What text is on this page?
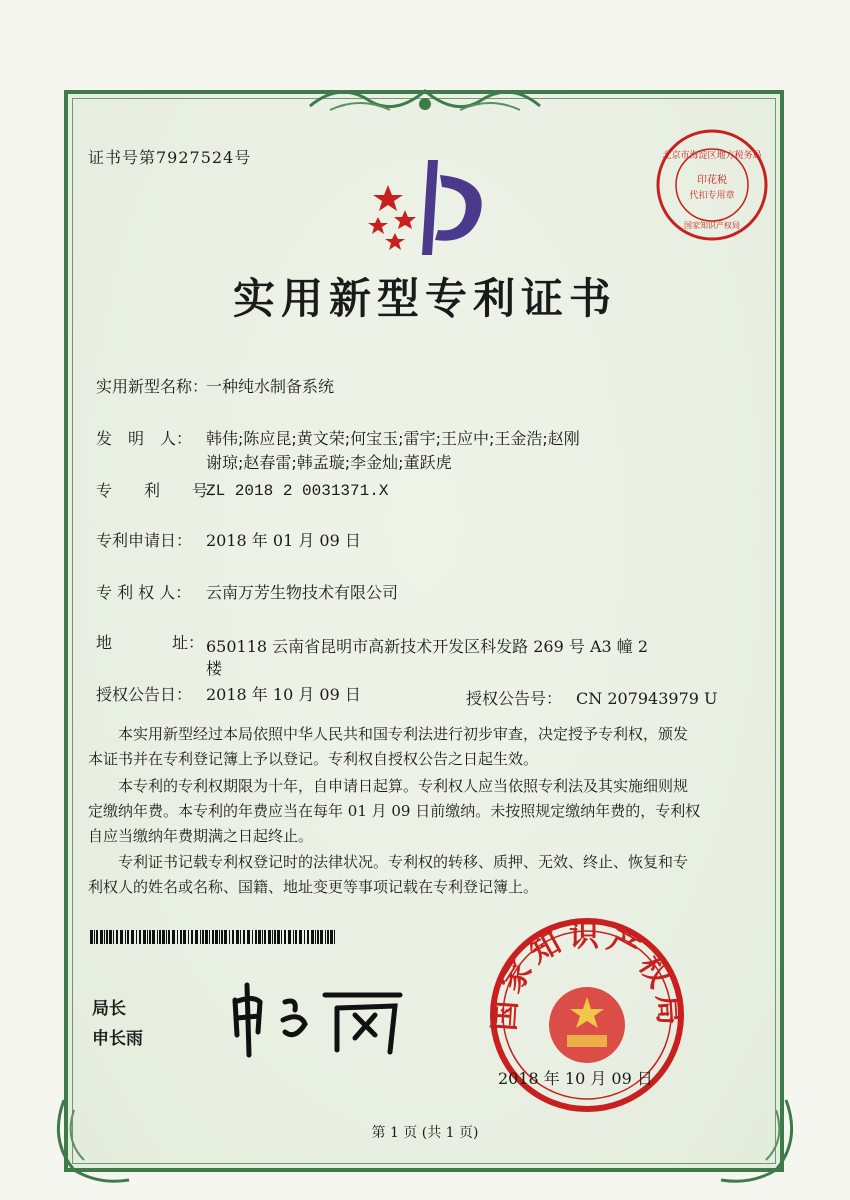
证书号第7927524号	北京市海淀区地方税务局
印花税
代扣专用章
国家知识产权局
实用新型专利证书
实用新型名称：
一种纯水制备系统
发　明　人： 韩伟;陈应昆;黄文荣;何宝玉;雷宇;王应中;王金浩;赵刚
谢琼;赵春雷;韩孟璇;李金灿;董跃虎
专　　利　　号：
ZL 2018 2 0031371.X
专利申请日： 2018 年 01 月 09 日
专 利 权 人： 云南万芳生物技术有限公司
地	址： 650118 云南省昆明市高新技术开发区科发路 269 号 A3 幢 2
楼
授权公告日： 2018 年 10 月 09 日	授权公告号： CN 207943979 U
本实用新型经过本局依照中华人民共和国专利法进行初步审查，决定授予专利权，颁发
本证书并在专利登记簿上予以登记。专利权自授权公告之日起生效。
本专利的专利权期限为十年，自申请日起算。专利权人应当依照专利法及其实施细则规
定缴纳年费。本专利的年费应当在每年 01 月 09 日前缴纳。未按照规定缴纳年费的，专利权
自应当缴纳年费期满之日起终止。
专利证书记载专利权登记时的法律状况。专利权的转移、质押、无效、终止、恢复和专
利权人的姓名或名称、国籍、地址变更等事项记载在专利登记簿上。
局长
申长雨
国家知识产权局
2018 年 10 月 09 日
第 1 页 (共 1 页)
